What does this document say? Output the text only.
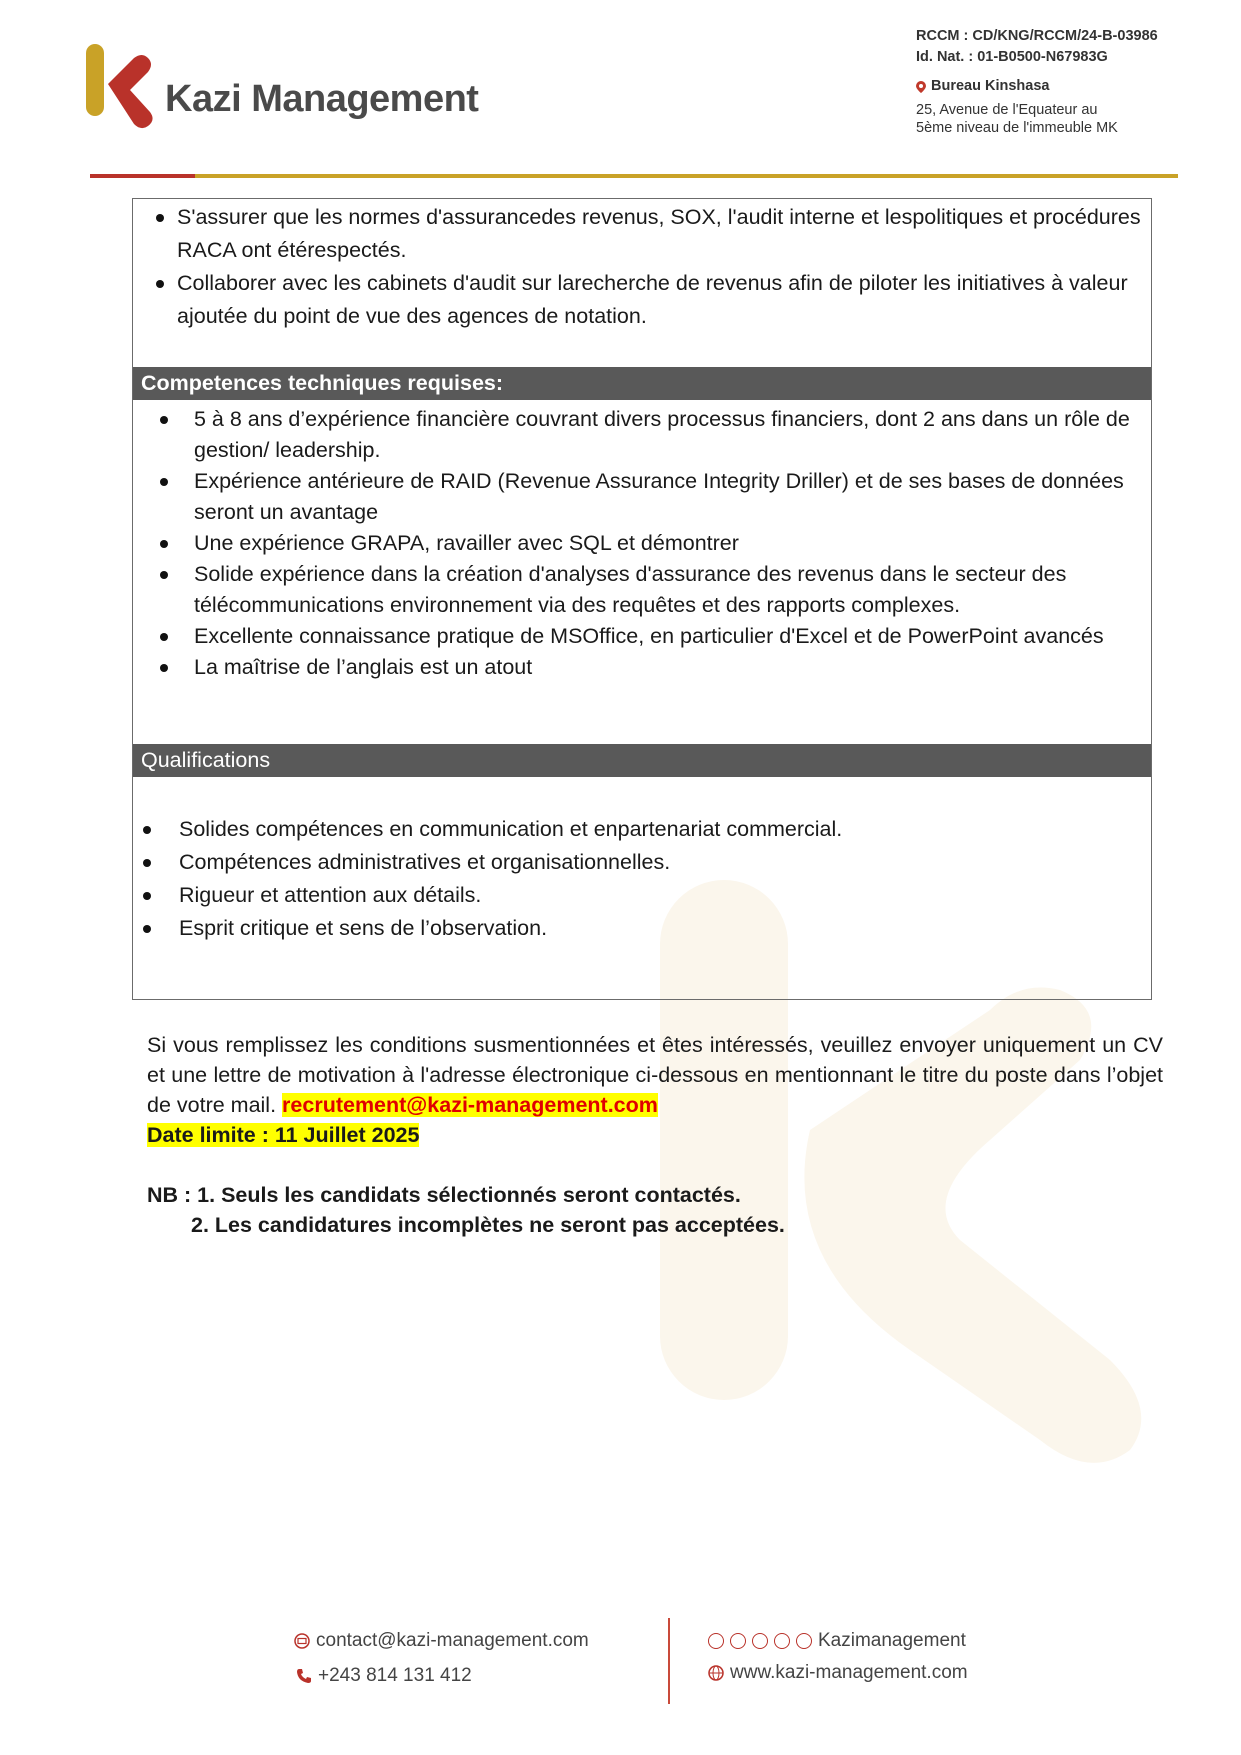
Kazi Management
RCCM : CD/KNG/RCCM/24-B-03986
Id. Nat. : 01-B0500-N67983G
Bureau Kinshasa
25, Avenue de l'Equateur au
5ème niveau de l'immeuble MK
S'assurer que les normes d'assurancedes revenus, SOX, l'audit interne et lespolitiques et procédures RACA ont étérespectés.
Collaborer avec les cabinets d'audit sur larecherche de revenus afin de piloter les initiatives à valeur ajoutée du point de vue des agences de notation.
Competences techniques requises:
5 à 8 ans d’expérience financière couvrant divers processus financiers, dont 2 ans dans un rôle de gestion/ leadership.
Expérience antérieure de RAID (Revenue Assurance Integrity Driller) et de ses bases de données seront un avantage
Une expérience GRAPA, ravailler avec SQL et démontrer
Solide expérience dans la création d'analyses d'assurance des revenus dans le secteur des télécommunications environnement via des requêtes et des rapports complexes.
Excellente connaissance pratique de MSOffice, en particulier d'Excel et de PowerPoint avancés
La maîtrise de l’anglais est un atout
Qualifications
Solides compétences en communication et enpartenariat commercial.
Compétences administratives et organisationnelles.
Rigueur et attention aux détails.
Esprit critique et sens de l’observation.
Si vous remplissez les conditions susmentionnées et êtes intéressés, veuillez envoyer uniquement un CV et une lettre de motivation à l'adresse électronique ci-dessous en mentionnant le titre du poste dans l’objet de votre mail. recrutement@kazi-management.com
Date limite : 11 Juillet 2025
NB : 1. Seuls les candidats sélectionnés seront contactés.
2. Les candidatures incomplètes ne seront pas acceptées.
contact@kazi-management.com
+243 814 131 412
Kazimanagement
www.kazi-management.com
